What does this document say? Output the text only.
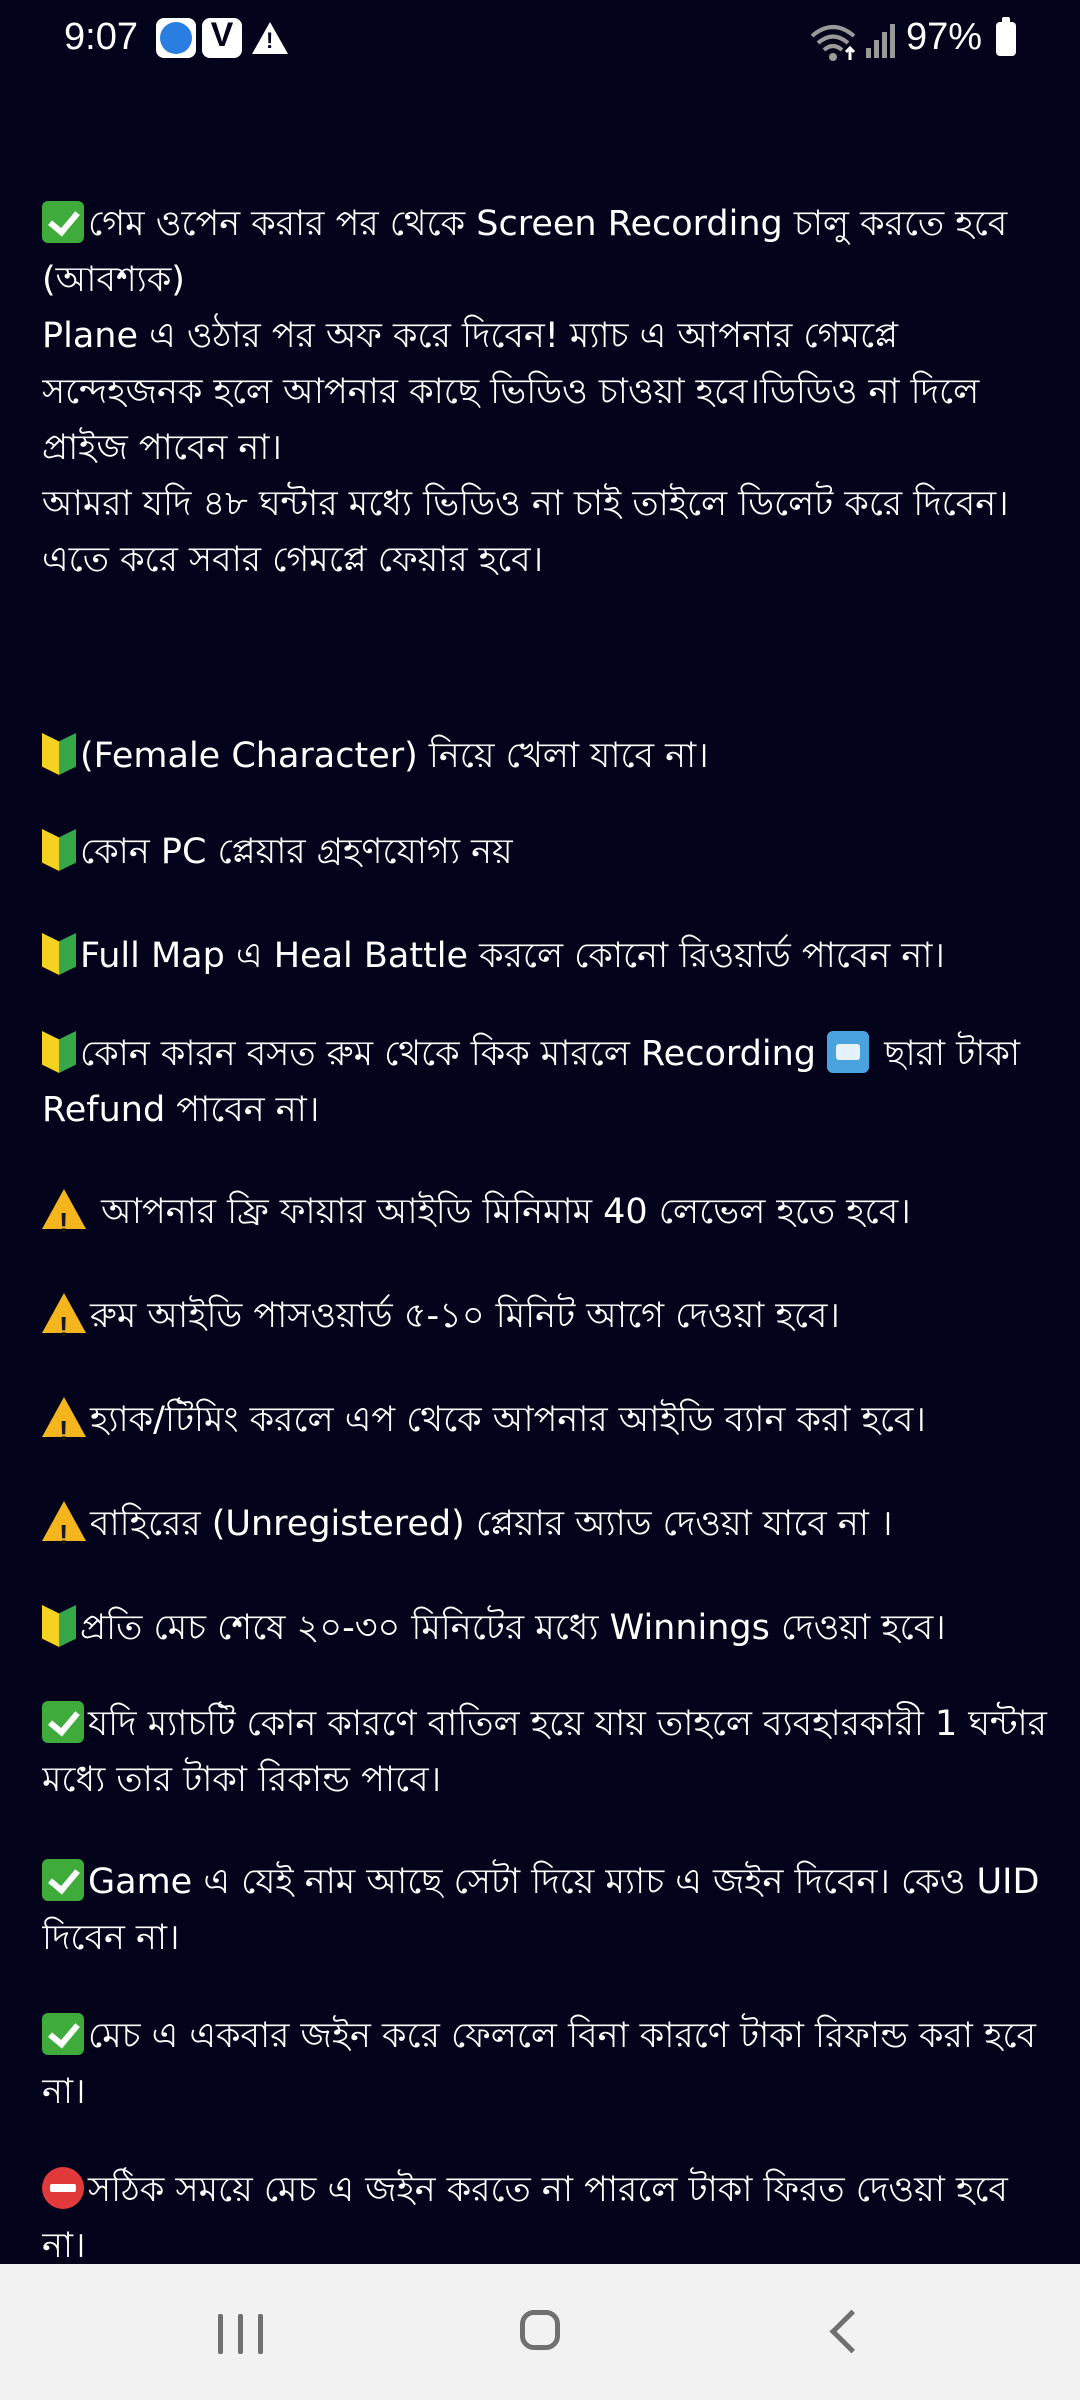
9:07 V	!	97%

গেম ওপেন করার পর থেকে Screen Recording চালু করতে হবে (আবশ্যক)

Plane এ ওঠার পর অফ করে দিবেন! ম্যাচ এ আপনার গেমপ্লে সন্দেহজনক হলে আপনার কাছে ভিডিও চাওয়া হবে।ডিডিও না দিলে প্রাইজ পাবেন না।

আমরা যদি ৪৮ ঘন্টার মধ্যে ভিডিও না চাই তাইলে ডিলেট করে দিবেন। এতে করে সবার গেমপ্লে ফেয়ার হবে।

(Female Character) নিয়ে খেলা যাবে না।

কোন PC প্লেয়ার গ্রহণযোগ্য নয়

Full Map এ Heal Battle করলে কোনো রিওয়ার্ড পাবেন না।

কোন কারন বসত রুম থেকে কিক মারলে Recording ছারা টাকা Refund পাবেন না।

! আপনার ফ্রি ফায়ার আইডি মিনিমাম 40 লেভেল হতে হবে।

!রুম আইডি পাসওয়ার্ড ৫-১০ মিনিট আগে দেওয়া হবে।

!হ্যাক/টিমিং করলে এপ থেকে আপনার আইডি ব্যান করা হবে।

!বাহিরের (Unregistered) প্লেয়ার অ্যাড দেওয়া যাবে না ।

প্রতি মেচ শেষে ২০-৩০ মিনিটের মধ্যে Winnings দেওয়া হবে।

যদি ম্যাচটি কোন কারণে বাতিল হয়ে যায় তাহলে ব্যবহারকারী 1 ঘন্টার মধ্যে তার টাকা রিকান্ড পাবে।

Game এ যেই নাম আছে সেটা দিয়ে ম্যাচ এ জইন দিবেন। কেও UID দিবেন না।

মেচ এ একবার জইন করে ফেললে বিনা কারণে টাকা রিফান্ড করা হবে না।

সঠিক সময়ে মেচ এ জইন করতে না পারলে টাকা ফিরত দেওয়া হবে না।
